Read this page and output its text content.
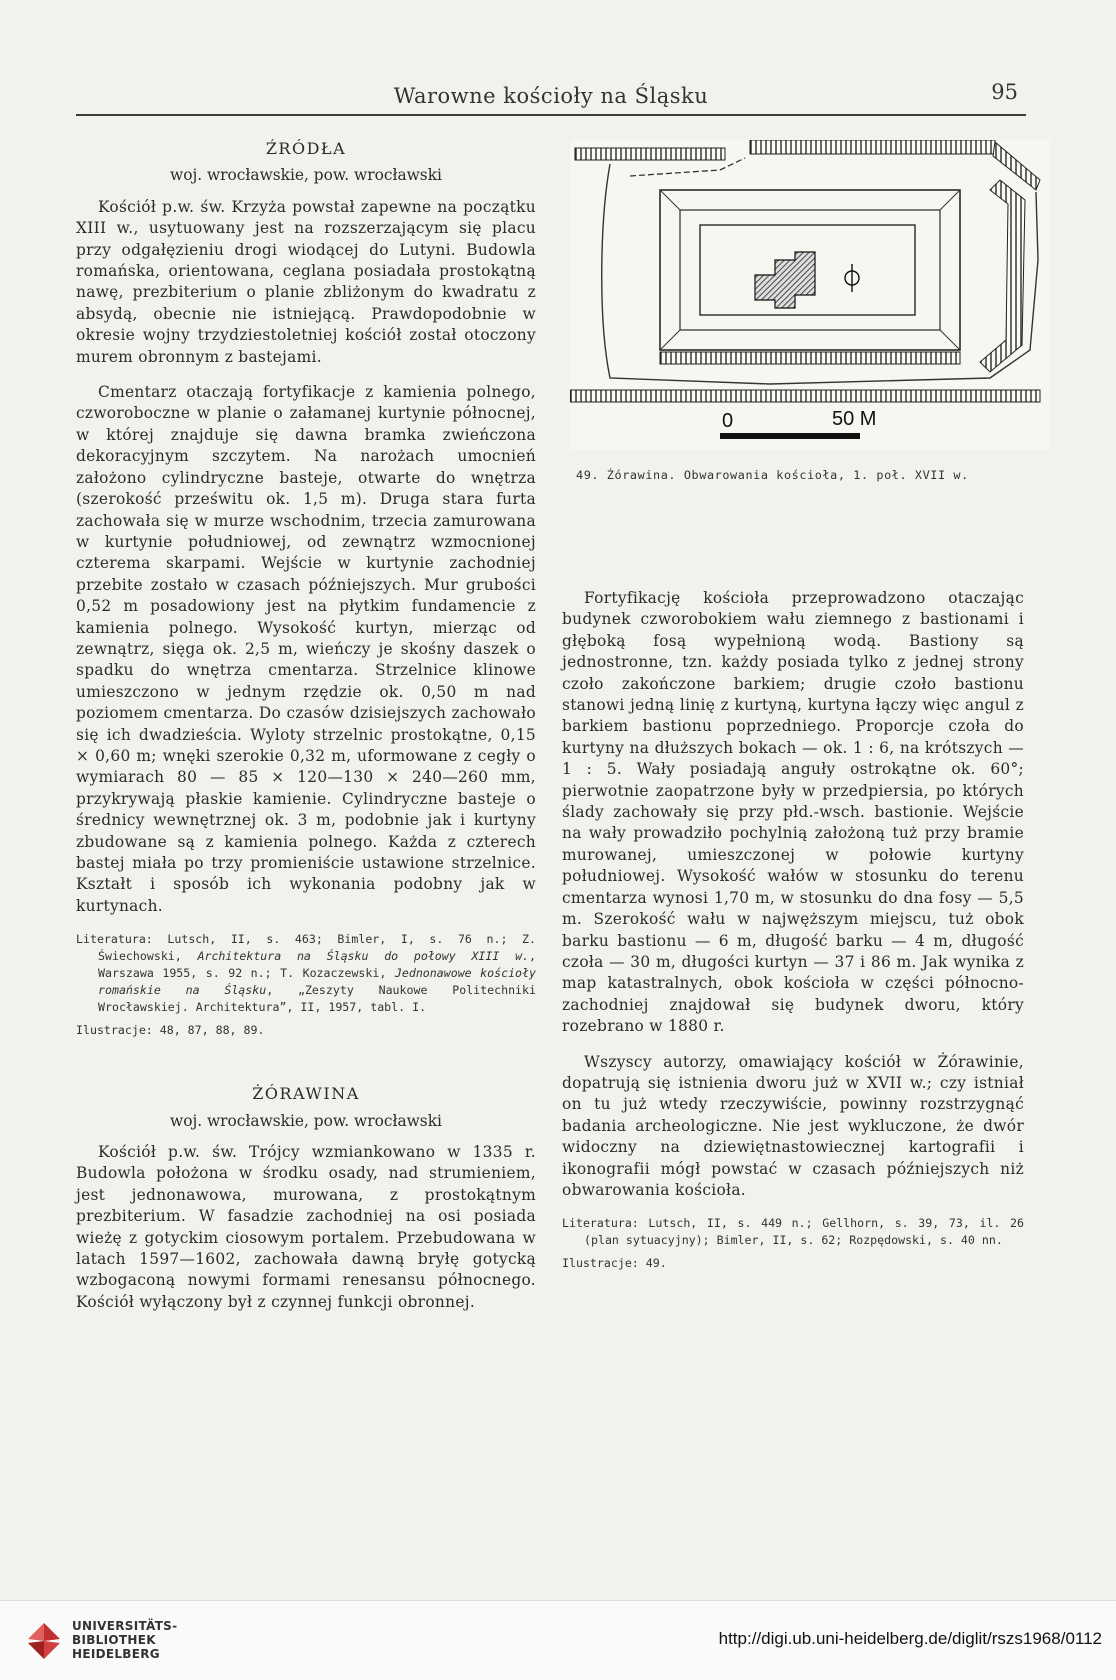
Warowne kościoły na Śląsku	95
ŹRÓDŁA
woj. wrocławskie, pow. wrocławski

Kościół p.w. św. Krzyża powstał zapewne na początku XIII w., usytuowany jest na rozszerzającym się placu przy odgałęzieniu drogi wiodącej do Lutyni. Budowla romańska, orientowana, ceglana posiadała prostokątną nawę, prezbiterium o planie zbliżonym do kwadratu z absydą, obecnie nie istniejącą. Prawdopodobnie w okresie wojny trzydziestoletniej kościół został otoczony murem obronnym z bastejami.

Cmentarz otaczają fortyfikacje z kamienia polnego, czworoboczne w planie o załamanej kurtynie północnej, w której znajduje się dawna bramka zwieńczona dekoracyjnym szczytem. Na narożach umocnień założono cylindryczne basteje, otwarte do wnętrza (szerokość prześwitu ok. 1,5 m). Druga stara furta zachowała się w murze wschodnim, trzecia zamurowana w kurtynie południowej, od zewnątrz wzmocnionej czterema skarpami. Wejście w kurtynie zachodniej przebite zostało w czasach późniejszych. Mur grubości 0,52 m posadowiony jest na płytkim fundamencie z kamienia polnego. Wysokość kurtyn, mierząc od zewnątrz, sięga ok. 2,5 m, wieńczy je skośny daszek o spadku do wnętrza cmentarza. Strzelnice klinowe umieszczono w jednym rzędzie ok. 0,50 m nad poziomem cmentarza. Do czasów dzisiejszych zachowało się ich dwadzieścia. Wyloty strzelnic prostokątne, 0,15 × 0,60 m; wnęki szerokie 0,32 m, uformowane z cegły o wymiarach 80 — 85 × 120—130 × 240—260 mm, przykrywają płaskie kamienie. Cylindryczne basteje o średnicy wewnętrznej ok. 3 m, podobnie jak i kurtyny zbudowane są z kamienia polnego. Każda z czterech bastej miała po trzy promieniście ustawione strzelnice. Kształt i sposób ich wykonania podobny jak w kurtynach.

Literatura: Lutsch, II, s. 463; Bimler, I, s. 76 n.; Z. Świechowski, Architektura na Śląsku do połowy XIII w., Warszawa 1955, s. 92 n.; T. Kozaczewski, Jednonawowe kościoły romańskie na Śląsku, „Zeszyty Naukowe Politechniki Wrocławskiej. Architektura”, II, 1957, tabl. I.
Ilustracje: 48, 87, 88, 89.
ŻÓRAWINA
woj. wrocławskie, pow. wrocławski

Kościół p.w. św. Trójcy wzmiankowano w 1335 r. Budowla położona w środku osady, nad strumieniem, jest jednonawowa, murowana, z prostokątnym prezbiterium. W fasadzie zachodniej na osi posiada wieżę z gotyckim ciosowym portalem. Przebudowana w latach 1597—1602, zachowała dawną bryłę gotycką wzbogaconą nowymi formami renesansu północnego. Kościół wyłączony był z czynnej funkcji obronnej.

0	50 M
49. Żórawina. Obwarowania kościoła, 1. poł. XVII w.

Fortyfikację kościoła przeprowadzono otaczając budynek czworobokiem wału ziemnego z bastionami i głęboką fosą wypełnioną wodą. Bastiony są jednostronne, tzn. każdy posiada tylko z jednej strony czoło zakończone barkiem; drugie czoło bastionu stanowi jedną linię z kurtyną, kurtyna łączy więc angul z barkiem bastionu poprzedniego. Proporcje czoła do kurtyny na dłuższych bokach — ok. 1 : 6, na krótszych — 1 : 5. Wały posiadają anguły ostrokątne ok. 60°; pierwotnie zaopatrzone były w przedpiersia, po których ślady zachowały się przy płd.-wsch. bastionie. Wejście na wały prowadziło pochylnią założoną tuż przy bramie murowanej, umieszczonej w połowie kurtyny południowej. Wysokość wałów w stosunku do terenu cmentarza wynosi 1,70 m, w stosunku do dna fosy — 5,5 m. Szerokość wału w najwęższym miejscu, tuż obok barku bastionu — 6 m, długość barku — 4 m, długość czoła — 30 m, długości kurtyn — 37 i 86 m. Jak wynika z map katastralnych, obok kościoła w części północno-zachodniej znajdował się budynek dworu, który rozebrano w 1880 r.

Wszyscy autorzy, omawiający kościół w Żórawinie, dopatrują się istnienia dworu już w XVII w.; czy istniał on tu już wtedy rzeczywiście, powinny rozstrzygnąć badania archeologiczne. Nie jest wykluczone, że dwór widoczny na dziewiętnastowiecznej kartografii i ikonografii mógł powstać w czasach późniejszych niż obwarowania kościoła.

Literatura: Lutsch, II, s. 449 n.; Gellhorn, s. 39, 73, il. 26 (plan sytuacyjny); Bimler, II, s. 62; Rozpędowski, s. 40 nn.
Ilustracje: 49.
UNIVERSITÄTS-
BIBLIOTHEK
HEIDELBERG
http://digi.ub.uni-heidelberg.de/diglit/rszs1968/0112
